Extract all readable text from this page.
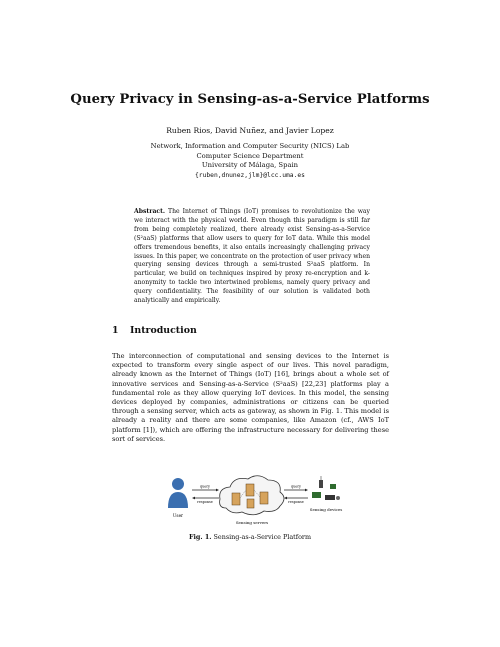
Query Privacy in Sensing-as-a-Service Platforms
Ruben Rios, David Nuñez, and Javier Lopez
Network, Information and Computer Security (NICS) Lab
Computer Science Department
University of Málaga, Spain
{ruben,dnunez,jlm}@lcc.uma.es
Abstract. The Internet of Things (IoT) promises to revolutionize the way we interact with the physical world. Even though this paradigm is still far from being completely realized, there already exist Sensing-as-a-Service (S²aaS) platforms that allow users to query for IoT data. While this model offers tremendous benefits, it also entails increasingly challenging privacy issues. In this paper, we concentrate on the protection of user privacy when querying sensing devices through a semi-trusted S²aaS platform. In particular, we build on techniques inspired by proxy re-encryption and k-anonymity to tackle two intertwined problems, namely query privacy and query confidentiality. The feasibility of our solution is validated both analytically and empirically.
1 Introduction
The interconnection of computational and sensing devices to the Internet is expected to transform every single aspect of our lives. This novel paradigm, already known as the Internet of Things (IoT) [16], brings about a whole set of innovative services and Sensing-as-a-Service (S²aaS) [22,23] platforms play a fundamental role as they allow querying IoT devices. In this model, the sensing devices deployed by companies, administrations or citizens can be queried through a sensing server, which acts as gateway, as shown in Fig. 1. This model is already a reality and there are some companies, like Amazon (cf., AWS IoT platform [1]), which are offering the infrastructure necessary for delivering these sort of services.
User
query
response
Sensing servers
query
response
Sensing devices
Fig. 1. Sensing-as-a-Service Platform
